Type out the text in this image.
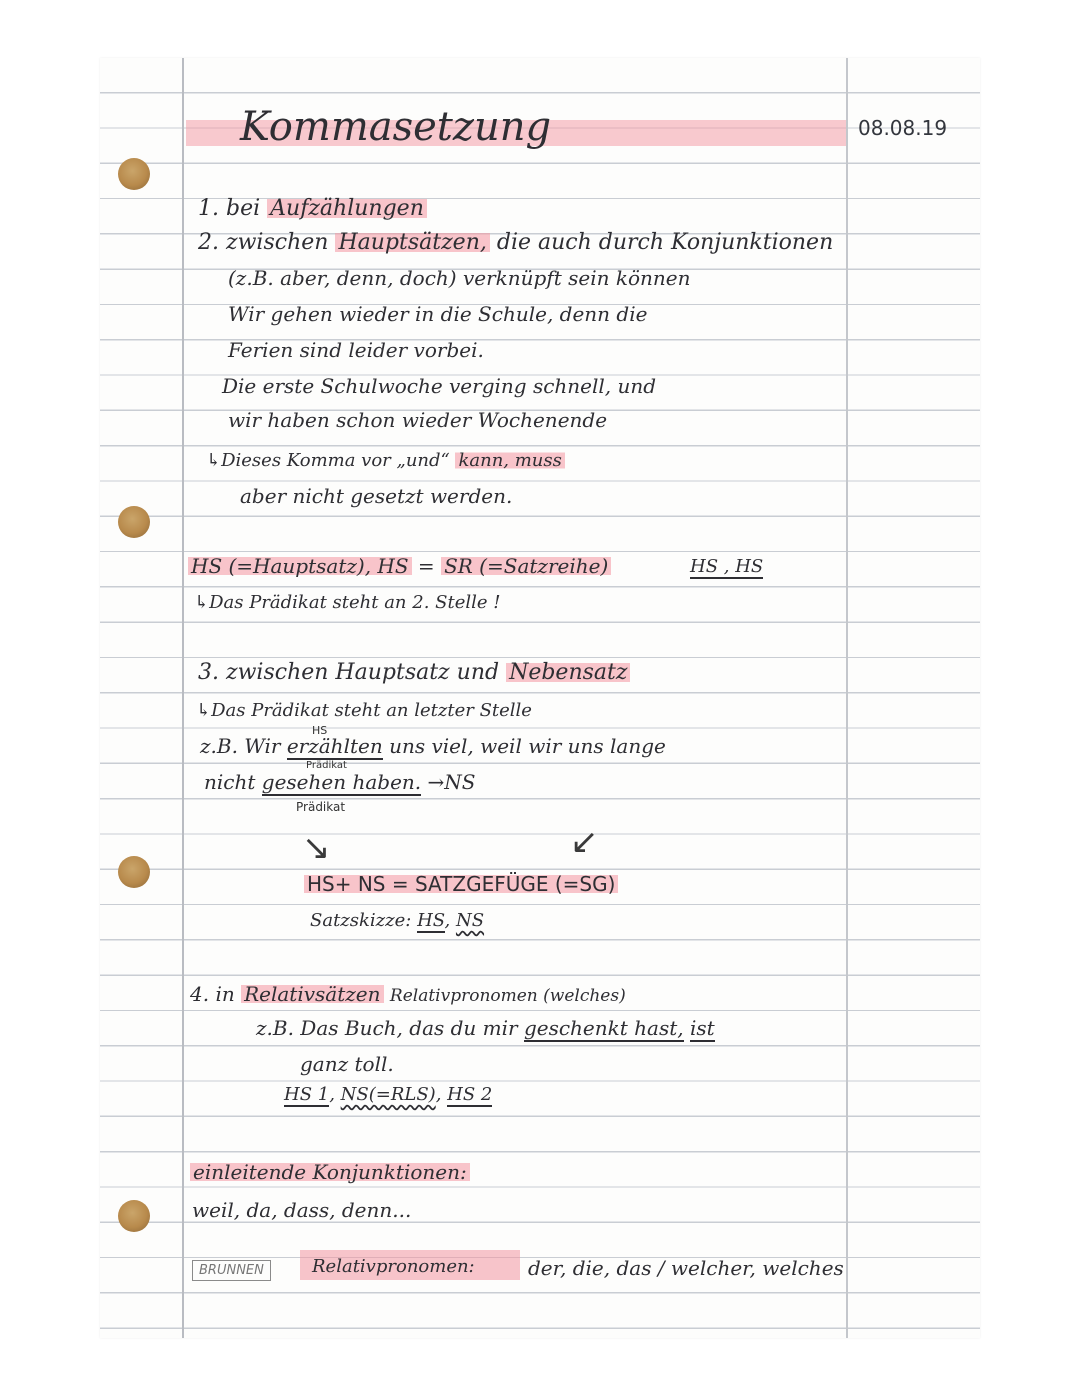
Kommasetzung	08.08.19
1. bei Aufzählungen
2. zwischen Hauptsätzen, die auch durch Konjunktionen
(z.B. aber, denn, doch) verknüpft sein können
Wir gehen wieder in die Schule, denn die
Ferien sind leider vorbei.
Die erste Schulwoche verging schnell, und
wir haben schon wieder Wochenende
↳Dieses Komma vor „und“ kann, muss
aber nicht gesetzt werden.
HS (=Hauptsatz), HS = SR (=Satzreihe)	HS , HS
↳Das Prädikat steht an 2. Stelle !
3. zwischen Hauptsatz und Nebensatz
↳Das Prädikat steht an letzter Stelle
HS
z.B. Wir erzählten uns viel, weil wir uns lange
Prädikat
nicht gesehen haben. →NS
Prädikat
↘	↙
HS+ NS = SATZGEFÜGE (=SG)
Satzskizze: HS, NS
4. in Relativsätzen Relativpronomen (welches)
z.B. Das Buch, das du mir geschenkt hast, ist
ganz toll.
HS 1, NS(=RLS), HS 2
einleitende Konjunktionen:
weil, da, dass, denn...
BRUNNEN	Relativpronomen:	der, die, das / welcher, welches
